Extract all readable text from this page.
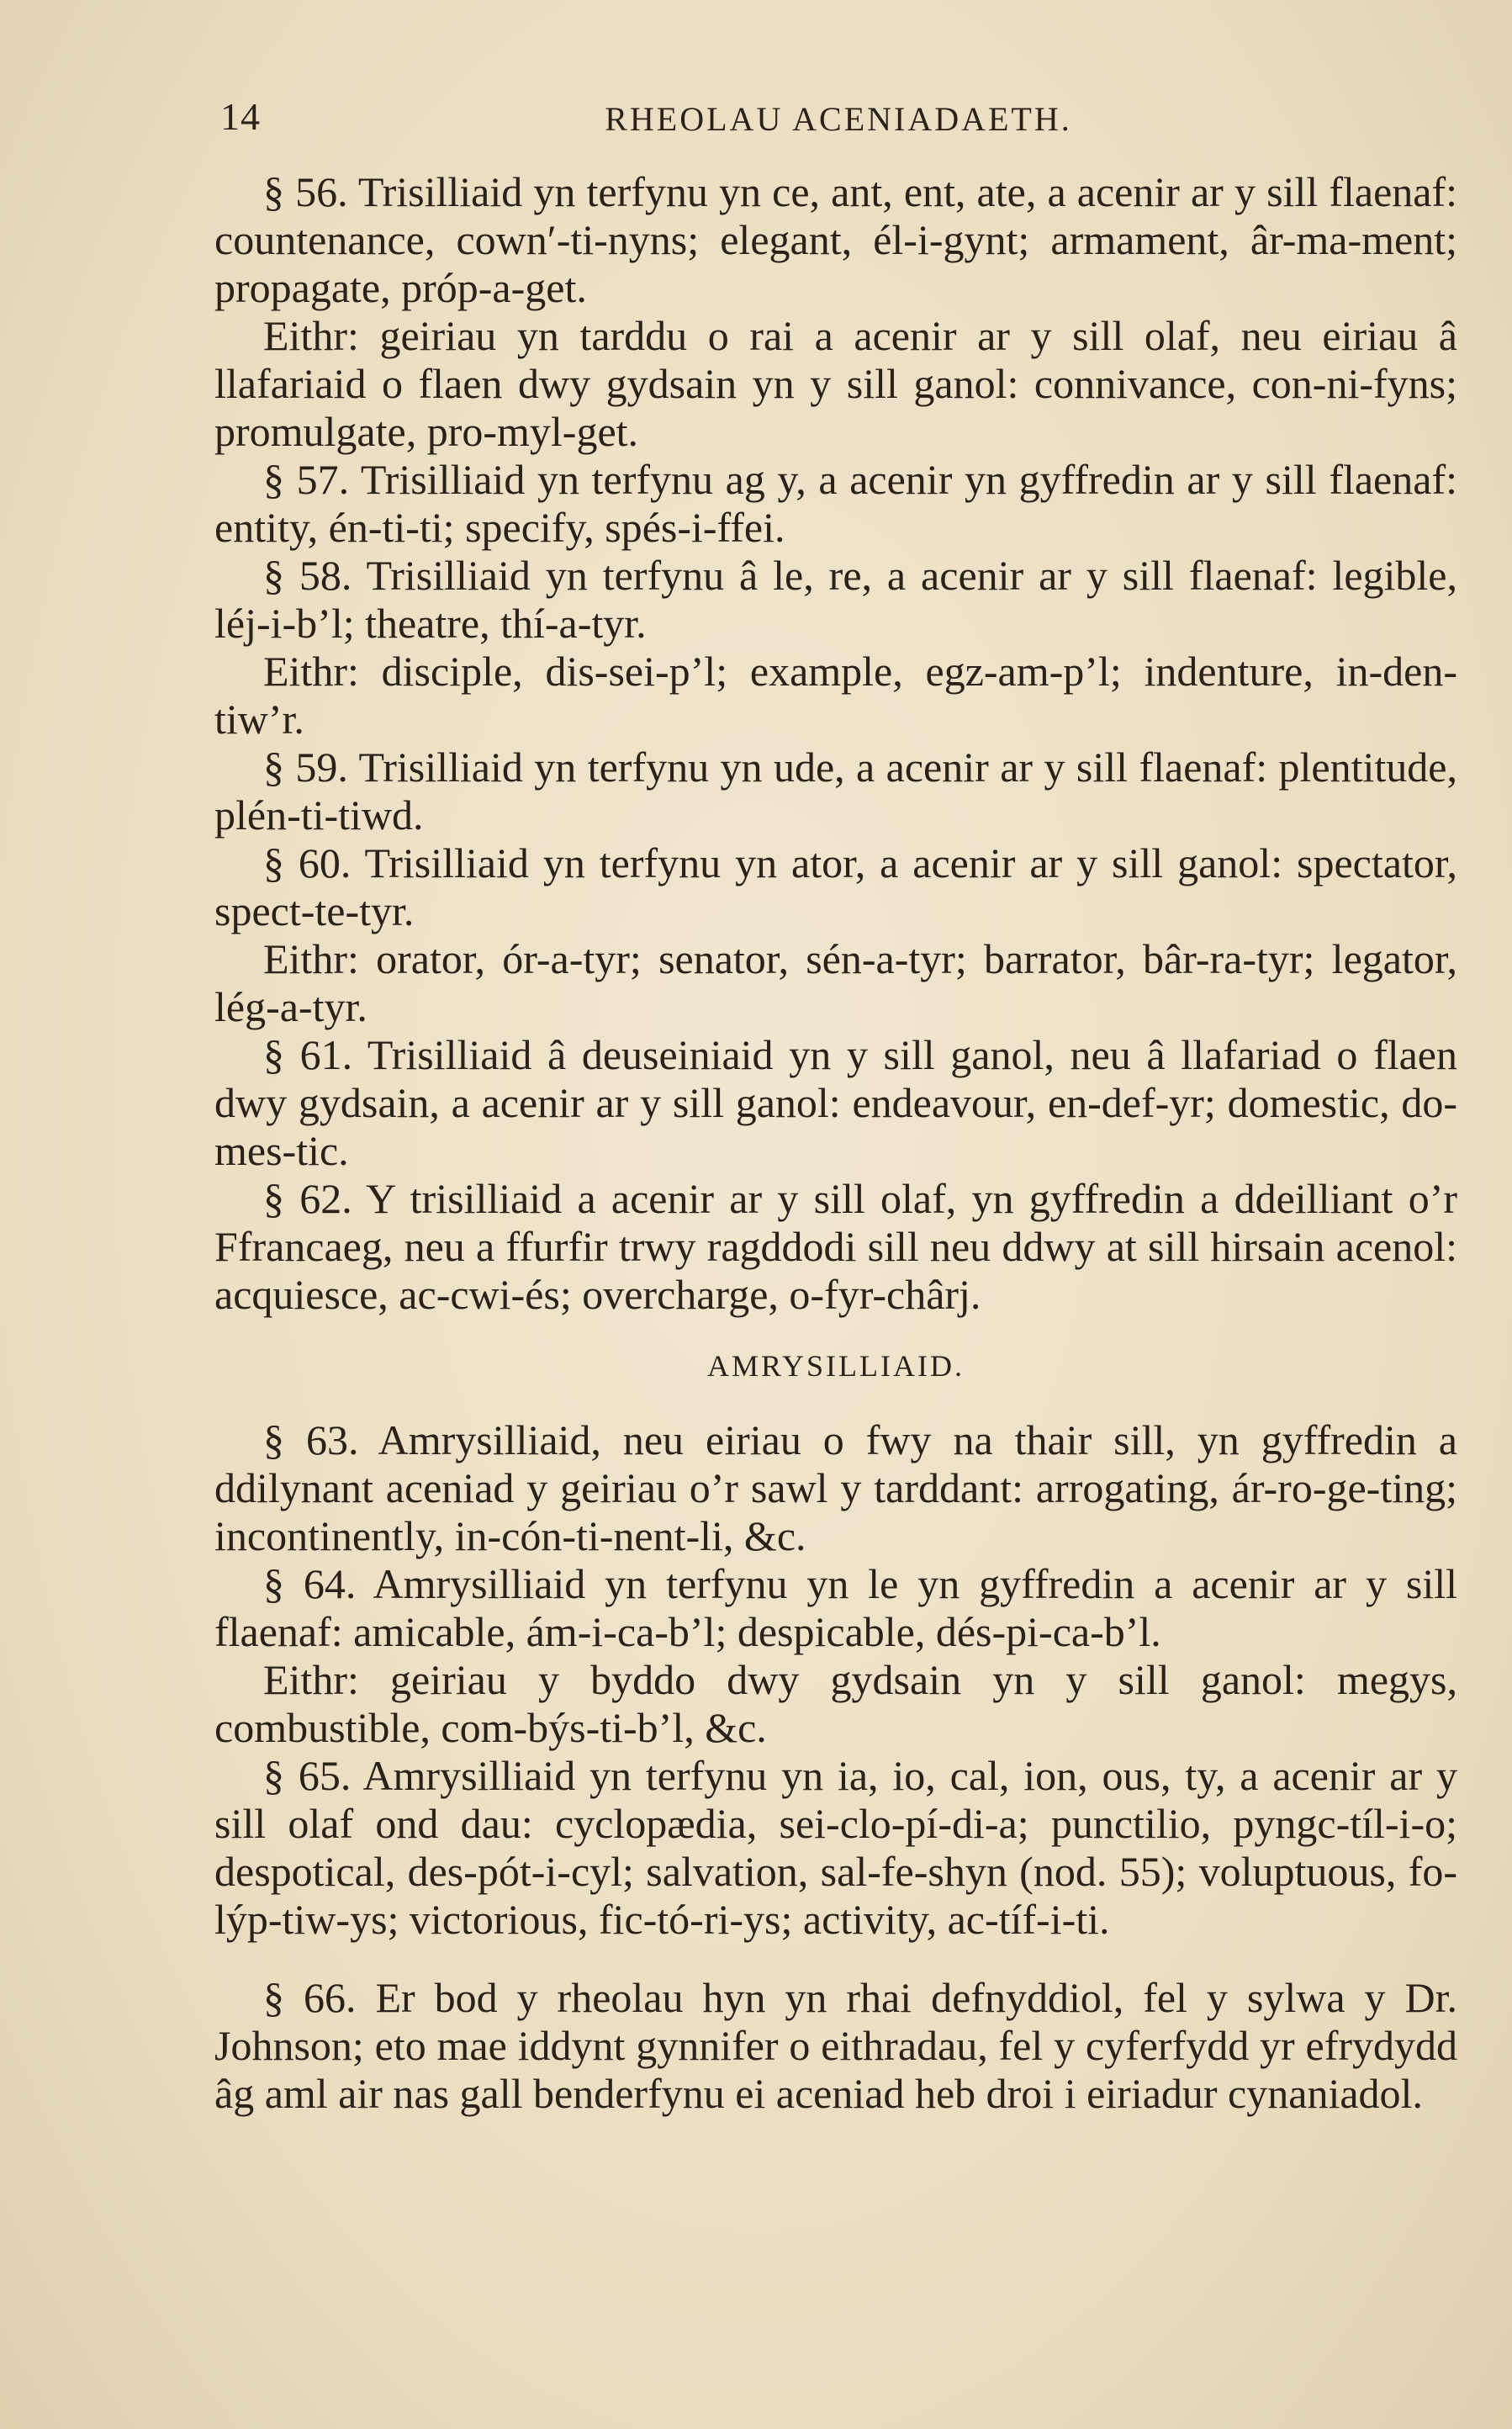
14	RHEOLAU ACENIADAETH.

§ 56. Trisilliaid yn terfynu yn ce, ant, ent, ate, a acenir ar y sill flaenaf: countenance, cown′-ti-nyns; elegant, él-i-gynt; armament, âr-ma-ment; propagate, próp-a-get.

Eithr: geiriau yn tarddu o rai a acenir ar y sill olaf, neu eiriau â llafariaid o flaen dwy gydsain yn y sill ganol: connivance, con-ni-fyns; promulgate, pro-myl-get.

§ 57. Trisilliaid yn terfynu ag y, a acenir yn gyffredin ar y sill flaenaf: entity, én-ti-ti; specify, spés-i-ffei.

§ 58. Trisilliaid yn terfynu â le, re, a acenir ar y sill flaenaf: legible, léj-i-b’l; theatre, thí-a-tyr.

Eithr: disciple, dis-sei-p’l; example, egz-am-p’l; indenture, in-den-tiw’r.

§ 59. Trisilliaid yn terfynu yn ude, a acenir ar y sill flaenaf: plentitude, plén-ti-tiwd.

§ 60. Trisilliaid yn terfynu yn ator, a acenir ar y sill ganol: spectator, spect-te-tyr.

Eithr: orator, ór-a-tyr; senator, sén-a-tyr; barrator, bâr-ra-tyr; legator, lég-a-tyr.

§ 61. Trisilliaid â deuseiniaid yn y sill ganol, neu â llafariad o flaen dwy gydsain, a acenir ar y sill ganol: endeavour, en-def-yr; domestic, do-mes-tic.

§ 62. Y trisilliaid a acenir ar y sill olaf, yn gyffredin a ddeilliant o’r Ffrancaeg, neu a ffurfir trwy ragddodi sill neu ddwy at sill hirsain acenol: acquiesce, ac-cwi-és; overcharge, o-fyr-chârj.

AMRYSILLIAID.

§ 63. Amrysilliaid, neu eiriau o fwy na thair sill, yn gyffredin a ddilynant aceniad y geiriau o’r sawl y tarddant: arrogating, ár-ro-ge-ting; incontinently, in-cón-ti-nent-li, &c.

§ 64. Amrysilliaid yn terfynu yn le yn gyffredin a acenir ar y sill flaenaf: amicable, ám-i-ca-b’l; despicable, dés-pi-ca-b’l.

Eithr: geiriau y byddo dwy gydsain yn y sill ganol: megys, combustible, com-býs-ti-b’l, &c.

§ 65. Amrysilliaid yn terfynu yn ia, io, cal, ion, ous, ty, a acenir ar y sill olaf ond dau: cyclopædia, sei-clo-pí-di-a; punctilio, pyngc-tíl-i-o; despotical, des-pót-i-cyl; salvation, sal-fe-shyn (nod. 55); voluptuous, fo-lýp-tiw-ys; victorious, fic-tó-ri-ys; activity, ac-tíf-i-ti.

§ 66. Er bod y rheolau hyn yn rhai defnyddiol, fel y sylwa y Dr. Johnson; eto mae iddynt gynnifer o eithradau, fel y cyferfydd yr efrydydd âg aml air nas gall benderfynu ei aceniad heb droi i eiriadur cynaniadol.
